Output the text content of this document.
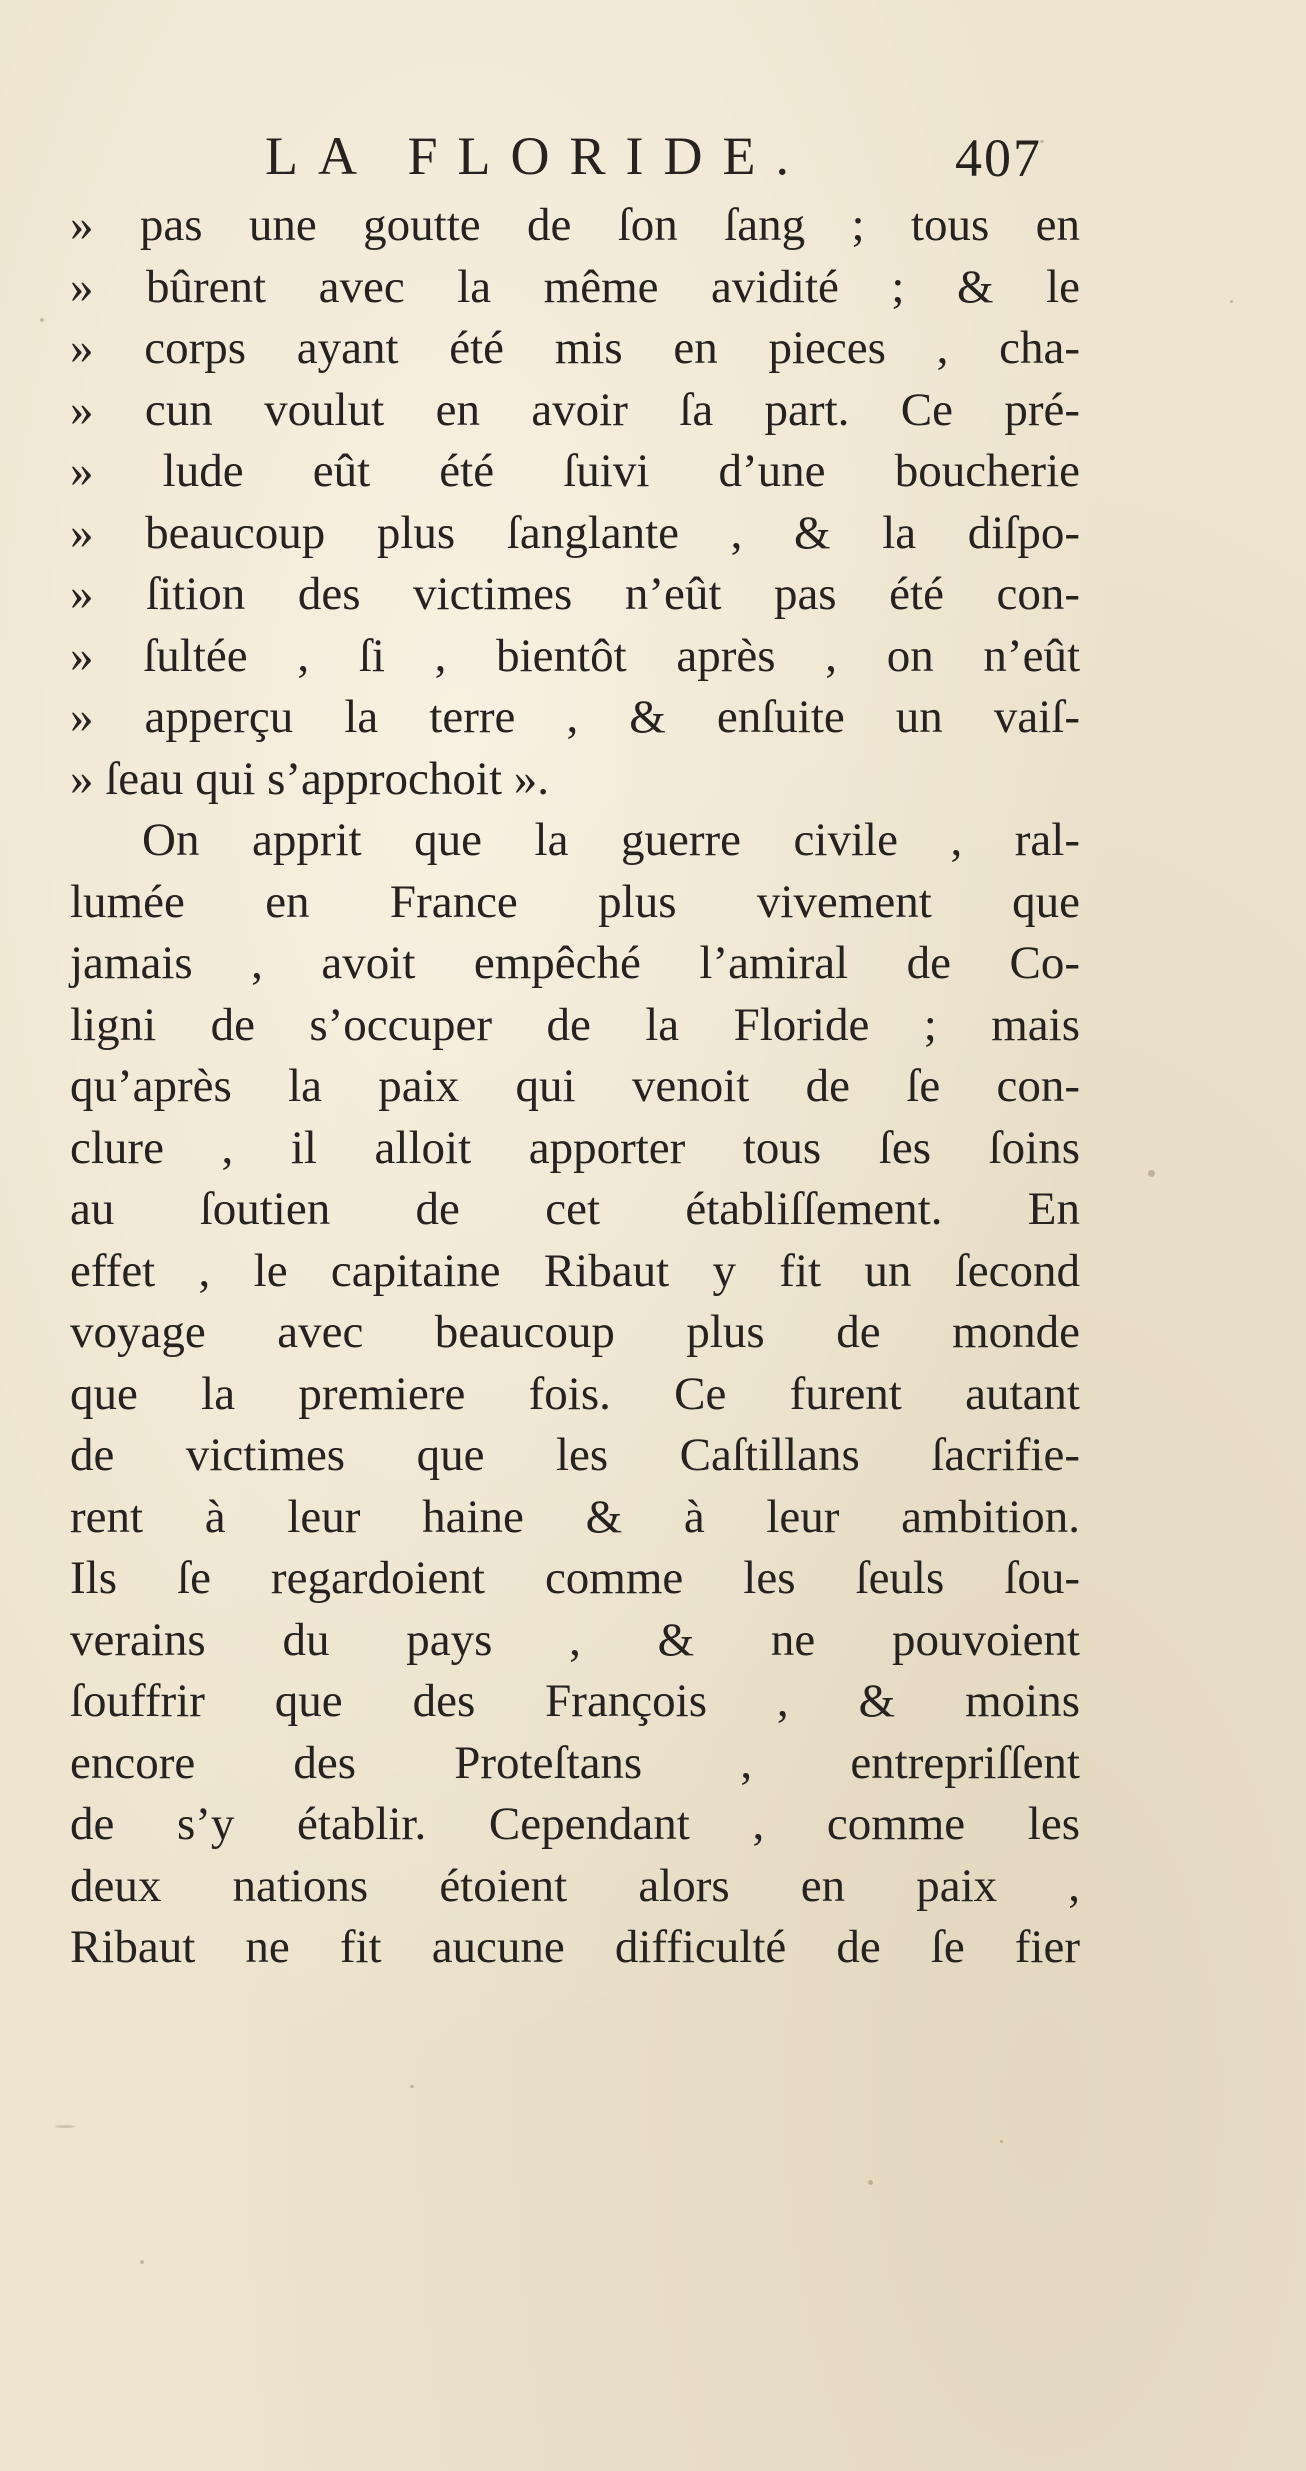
LA FLORIDE.	407
» pas une goutte de ſon ſang ; tous en
» bûrent avec la même avidité ; & le
» corps ayant été mis en pieces , cha-
» cun voulut en avoir ſa part. Ce pré-
» lude eût été ſuivi d’une boucherie
» beaucoup plus ſanglante , & la diſpo-
» ſition des victimes n’eût pas été con-
» ſultée , ſi , bientôt après , on n’eût
» apperçu la terre , & enſuite un vaiſ-
» ſeau qui s’approchoit ».
On apprit que la guerre civile , ral-
lumée en France plus vivement que
jamais , avoit empêché l’amiral de Co-
ligni de s’occuper de la Floride ; mais
qu’après la paix qui venoit de ſe con-
clure , il alloit apporter tous ſes ſoins
au ſoutien de cet établiſſement. En
effet , le capitaine Ribaut y fit un ſecond
voyage avec beaucoup plus de monde
que la premiere fois. Ce furent autant
de victimes que les Caſtillans ſacrifie-
rent à leur haine & à leur ambition.
Ils ſe regardoient comme les ſeuls ſou-
verains du pays , & ne pouvoient
ſouffrir que des François , & moins
encore des Proteſtans , entrepriſſent
de s’y établir. Cependant , comme les
deux nations étoient alors en paix ,
Ribaut ne fit aucune difficulté de ſe fier
